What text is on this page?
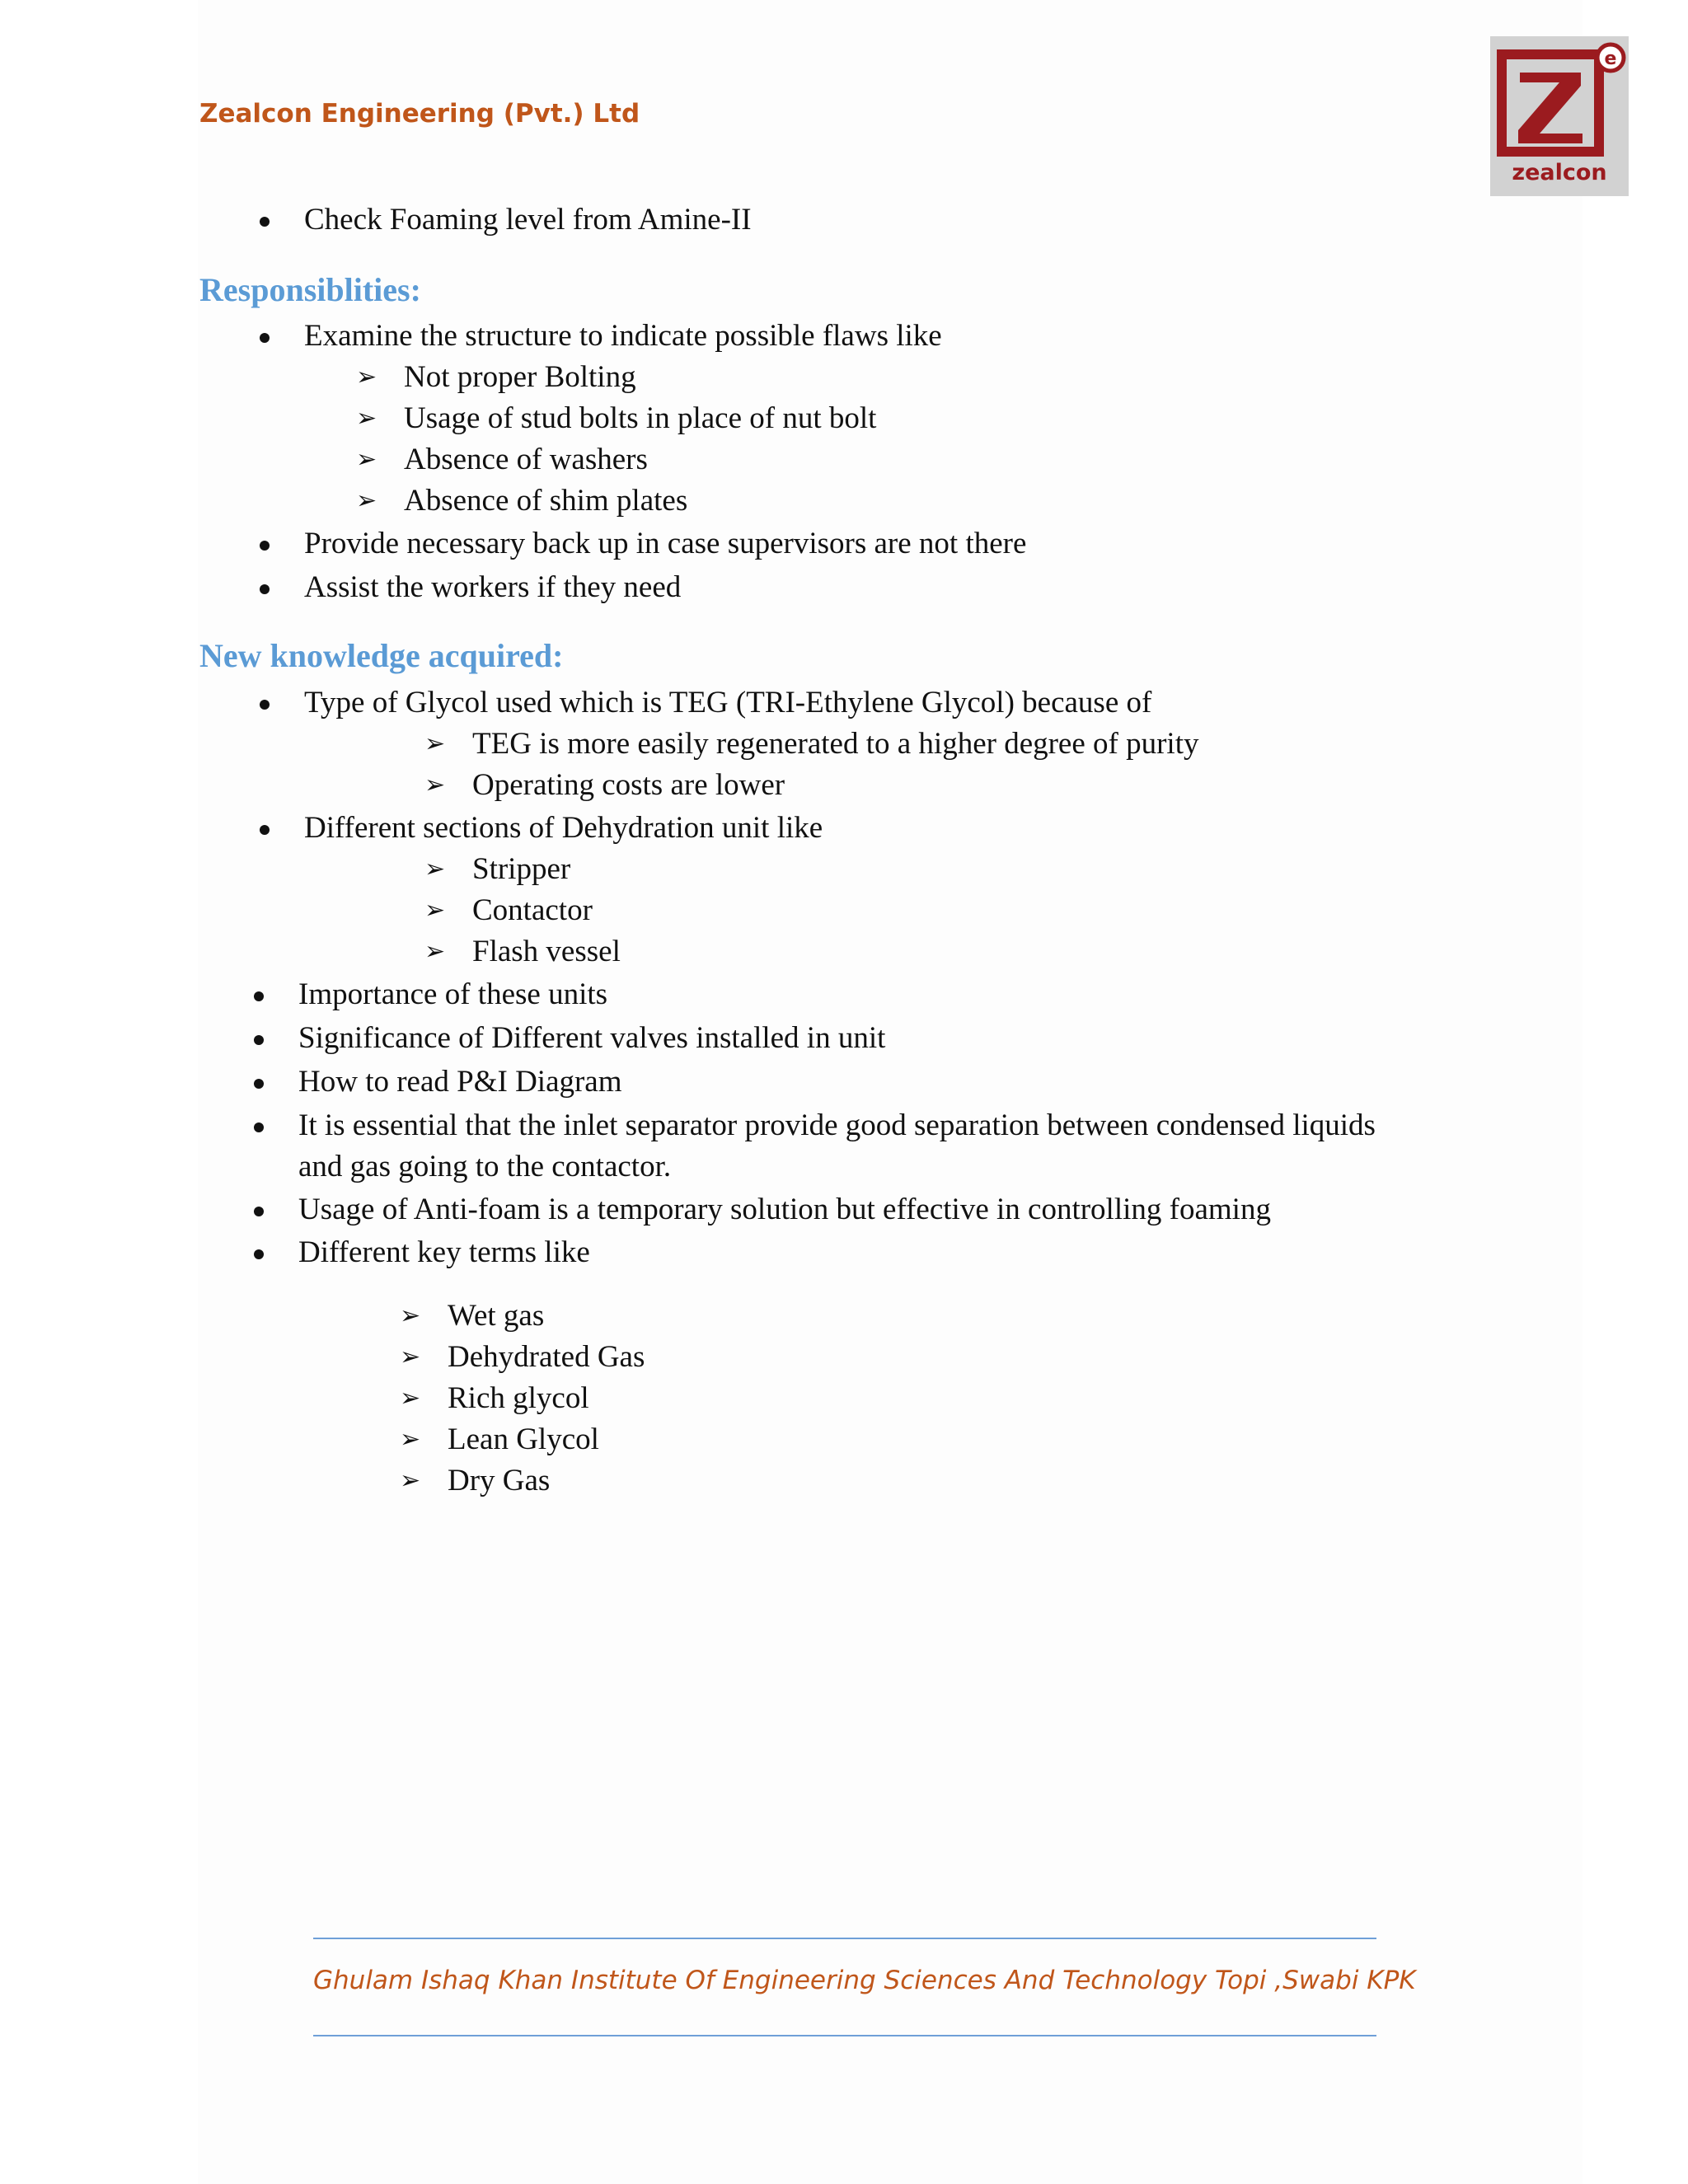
Zealcon Engineering (Pvt.) Ltd
e
zealcon
Check Foaming level from Amine-II
Responsiblities:
Examine the structure to indicate possible flaws like
➢ Not proper Bolting
➢ Usage of stud bolts in place of nut bolt
➢ Absence of washers
➢ Absence of shim plates
Provide necessary back up in case supervisors are not there
Assist the workers if they need
New knowledge acquired:
Type of Glycol used which is TEG (TRI-Ethylene Glycol) because of
➢ TEG is more easily regenerated to a higher degree of purity
➢ Operating costs are lower
Different sections of Dehydration unit like
➢ Stripper
➢ Contactor
➢ Flash vessel
Importance of these units
Significance of Different valves installed in unit
How to read P&I Diagram
It is essential that the inlet separator provide good separation between condensed liquids
and gas going to the contactor.
Usage of Anti-foam is a temporary solution but effective in controlling foaming
Different key terms like
➢ Wet gas
➢ Dehydrated Gas
➢ Rich glycol
➢ Lean Glycol
➢ Dry Gas
Ghulam Ishaq Khan Institute Of Engineering Sciences And Technology Topi ,Swabi KPK
